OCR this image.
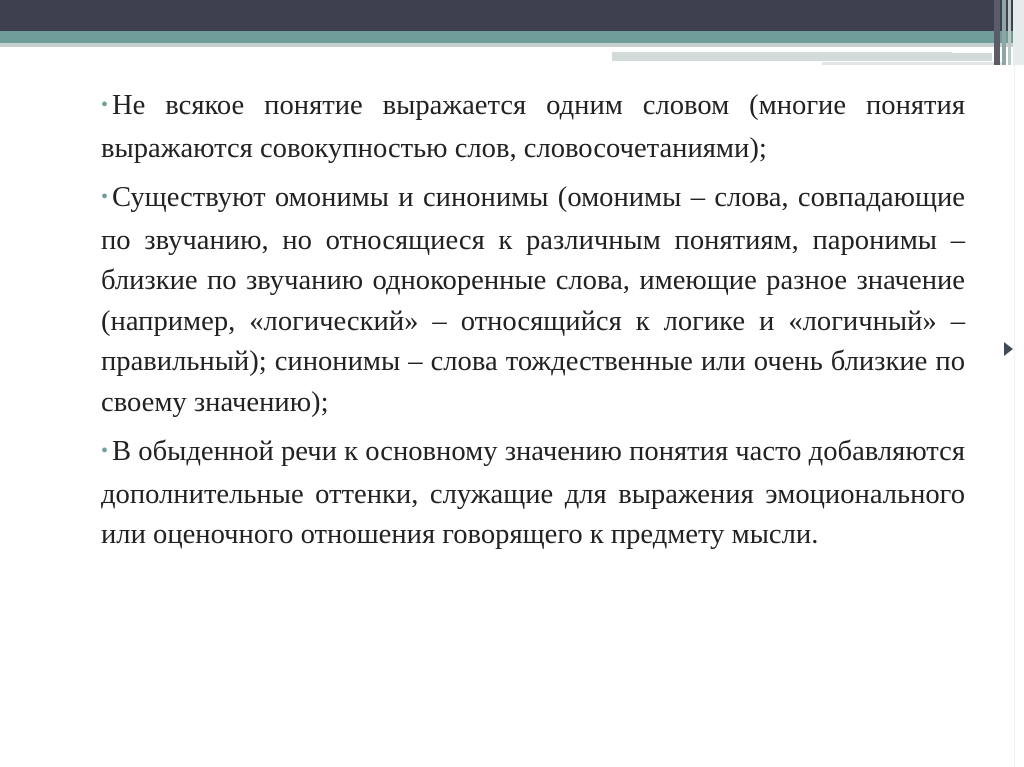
• Не всякое понятие выражается одним словом (многие понятия выражаются совокупностью слов, словосочетаниями);

• Существуют омонимы и синонимы (омонимы – слова, совпадающие по звучанию, но относящиеся к различным понятиям, паронимы – близкие по звучанию однокоренные слова, имеющие разное значение (например, «логический» – относящийся к логике и «логичный» – правильный); синонимы – слова тождественные или очень близкие по своему значению);

• В обыденной речи к основному значению понятия часто добавляются дополнительные оттенки, служащие для выражения эмоционального или оценочного отношения говорящего к предмету мысли.
